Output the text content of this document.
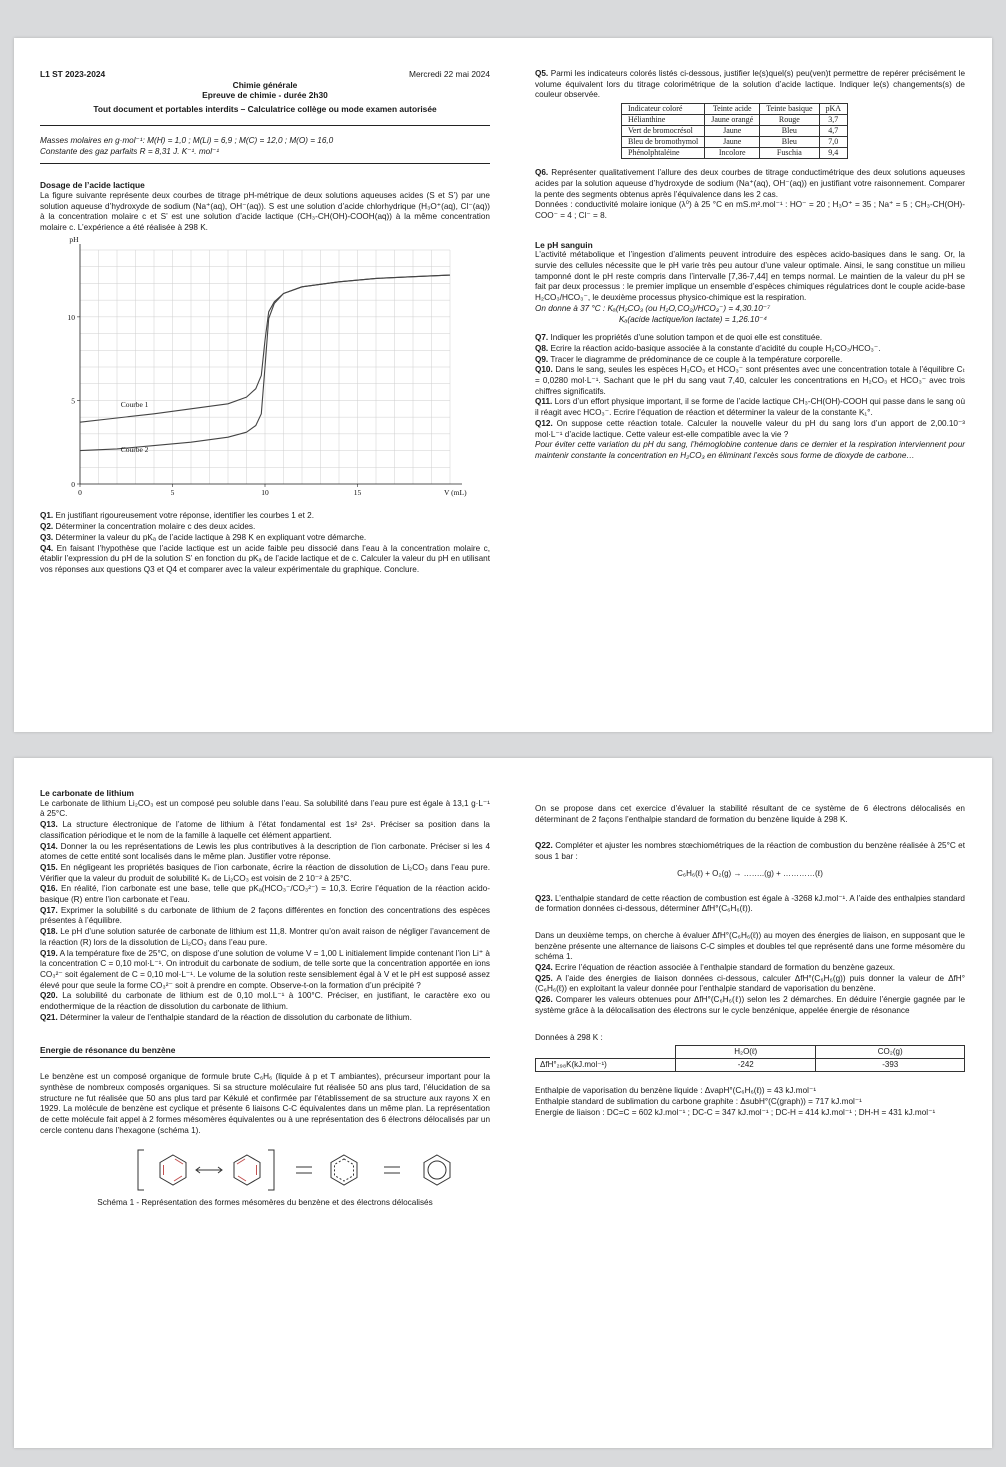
L1 ST 2023-2024	Mercredi 22 mai 2024
Chimie générale
Epreuve de chimie - durée 2h30
Tout document et portables interdits – Calculatrice collège ou mode examen autorisée
Masses molaires en g·mol⁻¹: M(H) = 1,0 ; M(Li) = 6,9 ; M(C) = 12,0 ; M(O) = 16,0
Constante des gaz parfaits R = 8,31 J. K⁻¹. mol⁻¹
Dosage de l’acide lactique

La figure suivante représente deux courbes de titrage pH-métrique de deux solutions aqueuses acides (S et S’) par une solution aqueuse d’hydroxyde de sodium (Na⁺(aq), OH⁻(aq)). S est une solution d’acide chlorhydrique (H₃O⁺(aq), Cl⁻(aq)) à la concentration molaire c et S’ est une solution d’acide lactique (CH₃-CH(OH)-COOH(aq)) à la même concentration molaire c. L’expérience a été réalisée à 298 K.

0	5	10	15	V (mL)
0
5
10
pH
Courbe 1
Courbe 2

Q1. En justifiant rigoureusement votre réponse, identifier les courbes 1 et 2.

Q2. Déterminer la concentration molaire c des deux acides.

Q3. Déterminer la valeur du pKₐ de l’acide lactique à 298 K en expliquant votre démarche.

Q4. En faisant l’hypothèse que l’acide lactique est un acide faible peu dissocié dans l’eau à la concentration molaire c, établir l’expression du pH de la solution S’ en fonction du pKₐ de l’acide lactique et de c. Calculer la valeur du pH en utilisant vos réponses aux questions Q3 et Q4 et comparer avec la valeur expérimentale du graphique. Conclure.

Q5. Parmi les indicateurs colorés listés ci-dessous, justifier le(s)quel(s) peu(ven)t permettre de repérer précisément le volume équivalent lors du titrage colorimétrique de la solution d’acide lactique. Indiquer le(s) changements(s) de couleur observée.

Indicateur coloré	Teinte acide	Teinte basique	pKA
Hélianthine	Jaune orangé	Rouge	3,7
Vert de bromocrésol	Jaune	Bleu	4,7
Bleu de bromothymol	Jaune	Bleu	7,0
Phénolphtaléine	Incolore	Fuschia	9,4

Q6. Représenter qualitativement l’allure des deux courbes de titrage conductimétrique des deux solutions aqueuses acides par la solution aqueuse d’hydroxyde de sodium (Na⁺(aq), OH⁻(aq)) en justifiant votre raisonnement. Comparer la pente des segments obtenus après l’équivalence dans les 2 cas.

Données : conductivité molaire ionique (λ⁰) à 25 °C en mS.m².mol⁻¹ : HO⁻ = 20 ; H₃O⁺ = 35 ; Na⁺ = 5 ; CH₃-CH(OH)-COO⁻ = 4 ; Cl⁻ = 8.

Le pH sanguin

L’activité métabolique et l’ingestion d’aliments peuvent introduire des espèces acido-basiques dans le sang. Or, la survie des cellules nécessite que le pH varie très peu autour d’une valeur optimale. Ainsi, le sang constitue un milieu tamponné dont le pH reste compris dans l’intervalle [7,36-7,44] en temps normal. Le maintien de la valeur du pH se fait par deux processus : le premier implique un ensemble d’espèces chimiques régulatrices dont le couple acide-base H₂CO₃/HCO₃⁻, le deuxième processus physico-chimique est la respiration.

On donne à 37 °C : Kₐ(H₂CO₃ (ou H₂O,CO₂)/HCO₃⁻) = 4,30.10⁻⁷

Kₐ(acide lactique/ion lactate) = 1,26.10⁻⁴

Q7. Indiquer les propriétés d’une solution tampon et de quoi elle est constituée.

Q8. Ecrire la réaction acido-basique associée à la constante d’acidité du couple H₂CO₃/HCO₃⁻.

Q9. Tracer le diagramme de prédominance de ce couple à la température corporelle.

Q10. Dans le sang, seules les espèces H₂CO₃ et HCO₃⁻ sont présentes avec une concentration totale à l’équilibre Cₜ = 0,0280 mol·L⁻¹. Sachant que le pH du sang vaut 7,40, calculer les concentrations en H₂CO₃ et HCO₃⁻ avec trois chiffres significatifs.

Q11. Lors d’un effort physique important, il se forme de l’acide lactique CH₃-CH(OH)-COOH qui passe dans le sang où il réagit avec HCO₃⁻. Ecrire l’équation de réaction et déterminer la valeur de la constante K₁°.

Q12. On suppose cette réaction totale. Calculer la nouvelle valeur du pH du sang lors d’un apport de 2,00.10⁻³ mol·L⁻¹ d’acide lactique. Cette valeur est-elle compatible avec la vie ?

Pour éviter cette variation du pH du sang, l’hémoglobine contenue dans ce dernier et la respiration interviennent pour maintenir constante la concentration en H₂CO₃ en éliminant l’excès sous forme de dioxyde de carbone…

Le carbonate de lithium

Le carbonate de lithium Li₂CO₃ est un composé peu soluble dans l’eau. Sa solubilité dans l’eau pure est égale à 13,1 g·L⁻¹ à 25°C.

Q13. La structure électronique de l’atome de lithium à l’état fondamental est 1s² 2s¹. Préciser sa position dans la classification périodique et le nom de la famille à laquelle cet élément appartient.

Q14. Donner la ou les représentations de Lewis les plus contributives à la description de l’ion carbonate. Préciser si les 4 atomes de cette entité sont localisés dans le même plan. Justifier votre réponse.

Q15. En négligeant les propriétés basiques de l’ion carbonate, écrire la réaction de dissolution de Li₂CO₃ dans l’eau pure. Vérifier que la valeur du produit de solubilité Kₛ de Li₂CO₃ est voisin de 2 10⁻² à 25°C.

Q16. En réalité, l’ion carbonate est une base, telle que pKₐ(HCO₃⁻/CO₃²⁻) = 10,3. Ecrire l’équation de la réaction acido-basique (R) entre l’ion carbonate et l’eau.

Q17. Exprimer la solubilité s du carbonate de lithium de 2 façons différentes en fonction des concentrations des espèces présentes à l’équilibre.

Q18. Le pH d’une solution saturée de carbonate de lithium est 11,8. Montrer qu’on avait raison de négliger l’avancement de la réaction (R) lors de la dissolution de Li₂CO₃ dans l’eau pure.

Q19. A la température fixe de 25°C, on dispose d’une solution de volume V = 1,00 L initialement limpide contenant l’ion Li⁺ à la concentration C = 0,10 mol·L⁻¹. On introduit du carbonate de sodium, de telle sorte que la concentration apportée en ions CO₃²⁻ soit également de C = 0,10 mol·L⁻¹. Le volume de la solution reste sensiblement égal à V et le pH est supposé assez élevé pour que seule la forme CO₃²⁻ soit à prendre en compte. Observe-t-on la formation d’un précipité ?

Q20. La solubilité du carbonate de lithium est de 0,10 mol.L⁻¹ à 100°C. Préciser, en justifiant, le caractère exo ou endothermique de la réaction de dissolution du carbonate de lithium.

Q21. Déterminer la valeur de l’enthalpie standard de la réaction de dissolution du carbonate de lithium.

Energie de résonance du benzène

Le benzène est un composé organique de formule brute C₆H₆ (liquide à p et T ambiantes), précurseur important pour la synthèse de nombreux composés organiques. Si sa structure moléculaire fut réalisée 50 ans plus tard, l’élucidation de sa structure ne fut réalisée que 50 ans plus tard par Kékulé et confirmée par l’établissement de sa structure aux rayons X en 1929. La molécule de benzène est cyclique et présente 6 liaisons C-C équivalentes dans un même plan. La représentation de cette molécule fait appel à 2 formes mésomères équivalentes ou à une représentation des 6 électrons délocalisés par un cercle contenu dans l’hexagone (schéma 1).

Schéma 1 - Représentation des formes mésomères du benzène et des électrons délocalisés

On se propose dans cet exercice d’évaluer la stabilité résultant de ce système de 6 électrons délocalisés en déterminant de 2 façons l’enthalpie standard de formation du benzène liquide à 298 K.

Q22. Compléter et ajuster les nombres stœchiométriques de la réaction de combustion du benzène réalisée à 25°C et sous 1 bar :

C₆H₆(ℓ) + O₂(g) → ……..(g) + …………(ℓ)

Q23. L’enthalpie standard de cette réaction de combustion est égale à -3268 kJ.mol⁻¹. A l’aide des enthalpies standard de formation données ci-dessous, déterminer ΔfH°(C₆H₆(ℓ)).

Dans un deuxième temps, on cherche à évaluer ΔfH°(C₆H₆(ℓ)) au moyen des énergies de liaison, en supposant que le benzène présente une alternance de liaisons C-C simples et doubles tel que représenté dans une forme mésomère du schéma 1.

Q24. Ecrire l’équation de réaction associée à l’enthalpie standard de formation du benzène gazeux.

Q25. A l’aide des énergies de liaison données ci-dessous, calculer ΔfH°(C₆H₆(g)) puis donner la valeur de ΔfH°(C₆H₆(ℓ)) en exploitant la valeur donnée pour l’enthalpie standard de vaporisation du benzène.

Q26. Comparer les valeurs obtenues pour ΔfH°(C₆H₆(ℓ)) selon les 2 démarches. En déduire l’énergie gagnée par le système grâce à la délocalisation des électrons sur le cycle benzénique, appelée énergie de résonance

Données à 298 K :
	H₂O(ℓ)	CO₂(g)
ΔfH°₂₉₈K(kJ.mol⁻¹)	-242	-393
Enthalpie de vaporisation du benzène liquide : ΔvapH°(C₆H₆(ℓ)) = 43 kJ.mol⁻¹
Enthalpie standard de sublimation du carbone graphite : ΔsubH°(C(graph)) = 717 kJ.mol⁻¹
Energie de liaison : DC=C = 602 kJ.mol⁻¹ ; DC-C = 347 kJ.mol⁻¹ ; DC-H = 414 kJ.mol⁻¹ ; DH-H = 431 kJ.mol⁻¹
